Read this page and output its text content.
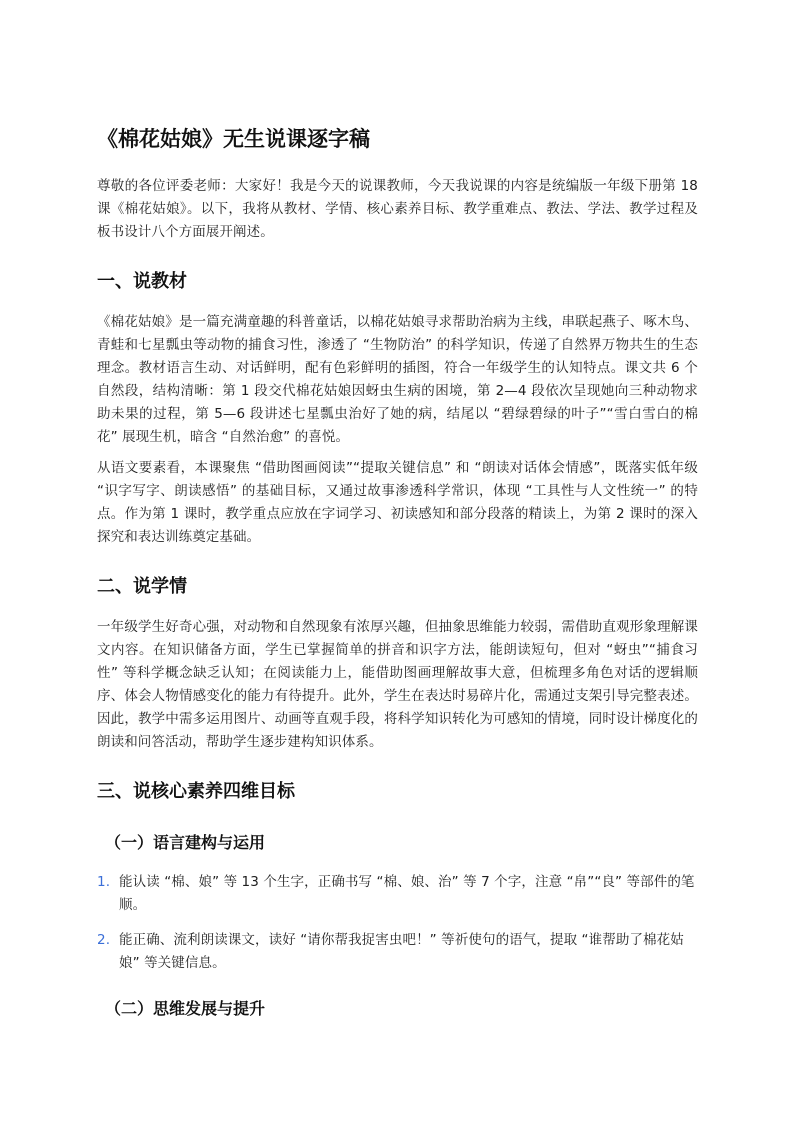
《棉花姑娘》无生说课逐字稿

尊敬的各位评委老师：大家好！我是今天的说课教师，今天我说课的内容是统编版一年级下册第 18 课《棉花姑娘》。以下，我将从教材、学情、核心素养目标、教学重难点、教法、学法、教学过程及板书设计八个方面展开阐述。

一、说教材

《棉花姑娘》是一篇充满童趣的科普童话，以棉花姑娘寻求帮助治病为主线，串联起燕子、啄木鸟、青蛙和七星瓢虫等动物的捕食习性，渗透了 “生物防治” 的科学知识，传递了自然界万物共生的生态理念。教材语言生动、对话鲜明，配有色彩鲜明的插图，符合一年级学生的认知特点。课文共 6 个自然段，结构清晰：第 1 段交代棉花姑娘因蚜虫生病的困境，第 2—4 段依次呈现她向三种动物求助未果的过程，第 5—6 段讲述七星瓢虫治好了她的病，结尾以 “碧绿碧绿的叶子”“雪白雪白的棉花” 展现生机，暗含 “自然治愈” 的喜悦。

从语文要素看，本课聚焦 “借助图画阅读”“提取关键信息” 和 “朗读对话体会情感”，既落实低年级 “识字写字、朗读感悟” 的基础目标，又通过故事渗透科学常识，体现 “工具性与人文性统一” 的特点。作为第 1 课时，教学重点应放在字词学习、初读感知和部分段落的精读上，为第 2 课时的深入探究和表达训练奠定基础。

二、说学情

一年级学生好奇心强，对动物和自然现象有浓厚兴趣，但抽象思维能力较弱，需借助直观形象理解课文内容。在知识储备方面，学生已掌握简单的拼音和识字方法，能朗读短句，但对 “蚜虫”“捕食习性” 等科学概念缺乏认知；在阅读能力上，能借助图画理解故事大意，但梳理多角色对话的逻辑顺序、体会人物情感变化的能力有待提升。此外，学生在表达时易碎片化，需通过支架引导完整表述。因此，教学中需多运用图片、动画等直观手段，将科学知识转化为可感知的情境，同时设计梯度化的朗读和问答活动，帮助学生逐步建构知识体系。

三、说核心素养四维目标
（一）语言建构与运用
1. 能认读 “棉、娘” 等 13 个生字，正确书写 “棉、娘、治” 等 7 个字，注意 “帛”“良” 等部件的笔顺。
2. 能正确、流利朗读课文，读好 “请你帮我捉害虫吧！” 等祈使句的语气，提取 “谁帮助了棉花姑娘” 等关键信息。
（二）思维发展与提升
